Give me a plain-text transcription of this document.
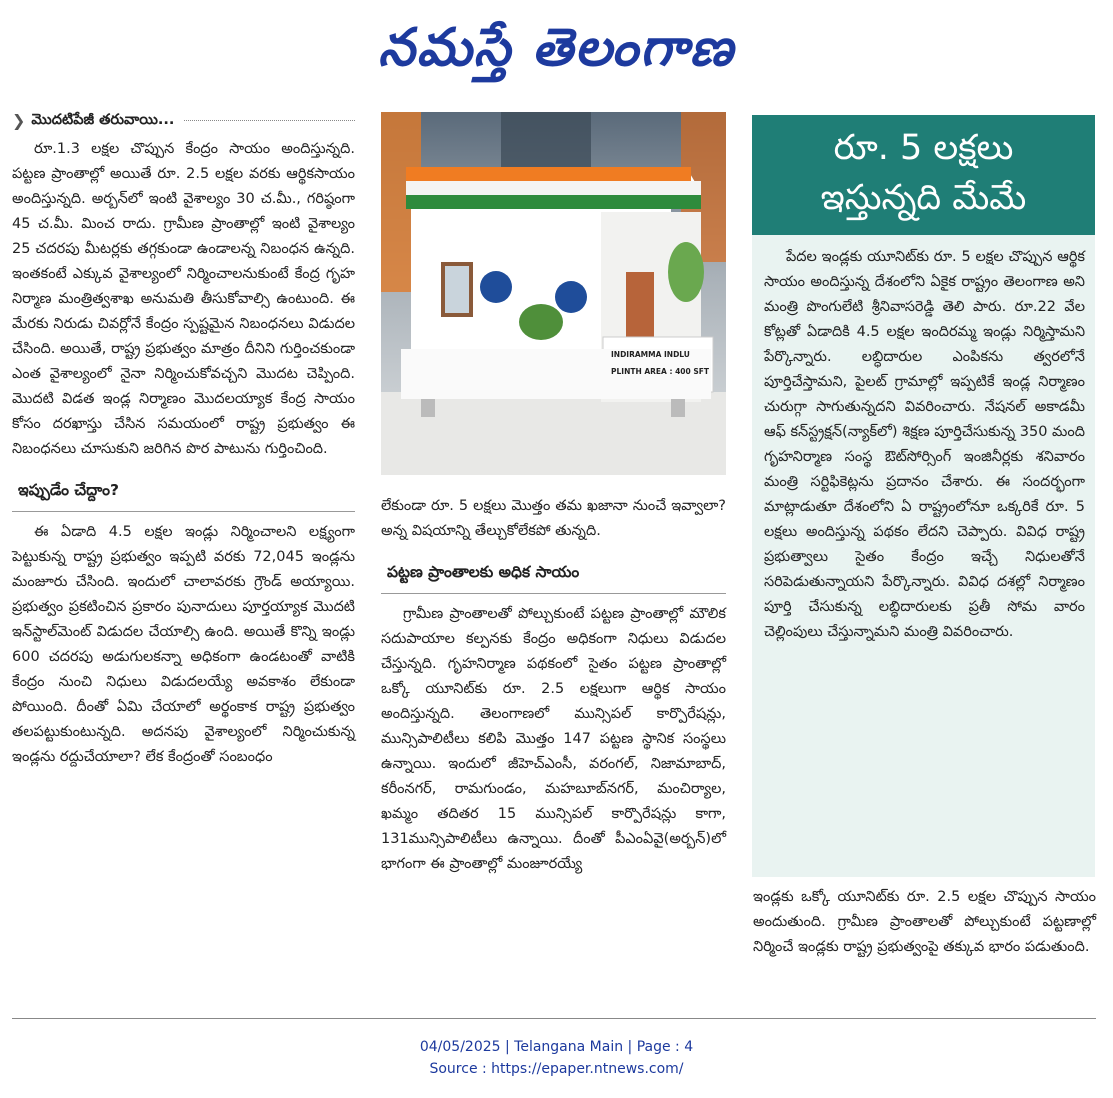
నమస్తే తెలంగాణ
❯ మొదటిపేజీ తరువాయి...

రూ.1.3 లక్షల చొప్పున కేంద్రం సాయం అందిస్తున్నది. పట్టణ ప్రాంతాల్లో అయితే రూ. 2.5 లక్షల వరకు ఆర్థికసాయం అందిస్తున్నది. అర్బన్‌లో ఇంటి వైశాల్యం 30 చ.మీ., గరిష్ఠంగా 45 చ.మీ. మించ రాదు. గ్రామీణ ప్రాంతాల్లో ఇంటి వైశాల్యం 25 చదరపు మీటర్లకు తగ్గకుండా ఉండాలన్న నిబంధన ఉన్నది. ఇంతకంటే ఎక్కువ వైశాల్యంలో నిర్మించాలనుకుంటే కేంద్ర గృహ నిర్మాణ మంత్రిత్వశాఖ అనుమతి తీసుకోవాల్సి ఉంటుంది. ఈ మేరకు నిరుడు చివర్లోనే కేంద్రం స్పష్టమైన నిబంధనలు విడుదల చేసింది. అయితే, రాష్ట్ర ప్రభుత్వం మాత్రం దీనిని గుర్తించకుండా ఎంత వైశాల్యంలో నైనా నిర్మించుకోవచ్చని మొదట చెప్పింది. మొదటి విడత ఇండ్ల నిర్మాణం మొదలయ్యాక కేంద్ర సాయం కోసం దరఖాస్తు చేసిన సమయంలో రాష్ట్ర ప్రభుత్వం ఈ నిబంధనలు చూసుకుని జరిగిన పొర పాటును గుర్తించింది.

ఇప్పుడేం చేద్దాం?

ఈ ఏడాది 4.5 లక్షల ఇండ్లు నిర్మించాలని లక్ష్యంగా పెట్టుకున్న రాష్ట్ర ప్రభుత్వం ఇప్పటి వరకు 72,045 ఇండ్లను మంజూరు చేసింది. ఇందులో చాలావరకు గ్రౌండ్ అయ్యాయి. ప్రభుత్వం ప్రకటించిన ప్రకారం పునాదులు పూర్తయ్యాక మొదటి ఇన్‌స్టాల్‌మెంట్ విడుదల చేయాల్సి ఉంది. అయితే కొన్ని ఇండ్లు 600 చదరపు అడుగులకన్నా అధికంగా ఉండటంతో వాటికి కేంద్రం నుంచి నిధులు విడుదలయ్యే అవకాశం లేకుండా పోయింది. దీంతో ఏమి చేయాలో అర్థంకాక రాష్ట్ర ప్రభుత్వం తలపట్టుకుంటున్నది. అదనపు వైశాల్యంలో నిర్మించుకున్న ఇండ్లను రద్దుచేయాలా? లేక కేంద్రంతో సంబంధం

INDIRAMMA INDLU
PLINTH AREA : 400 SFT

లేకుండా రూ. 5 లక్షలు మొత్తం తమ ఖజానా నుంచే ఇవ్వాలా? అన్న విషయాన్ని తేల్చుకోలేకపో తున్నది.

పట్టణ ప్రాంతాలకు అధిక సాయం

గ్రామీణ ప్రాంతాలతో పోల్చుకుంటే పట్టణ ప్రాంతాల్లో మౌలిక సదుపాయాల కల్పనకు కేంద్రం అధికంగా నిధులు విడుదల చేస్తున్నది. గృహనిర్మాణ పథకంలో సైతం పట్టణ ప్రాంతాల్లో ఒక్కో యూనిట్‌కు రూ. 2.5 లక్షలుగా ఆర్థిక సాయం అందిస్తున్నది. తెలంగాణలో మున్సిపల్ కార్పొరేషన్లు, మున్సిపాలిటీలు కలిపి మొత్తం 147 పట్టణ స్థానిక సంస్థలు ఉన్నాయి. ఇందులో జీహెచ్‌ఎంసీ, వరంగల్, నిజామాబాద్, కరీంనగర్, రామగుండం, మహబూబ్‌నగర్, మంచిర్యాల, ఖమ్మం తదితర 15 మున్సిపల్ కార్పొరేషన్లు కాగా, 131మున్సిపాలిటీలు ఉన్నాయి. దీంతో పీఎంఏవై(అర్బన్)లో భాగంగా ఈ ప్రాంతాల్లో మంజూరయ్యే

రూ. 5 లక్షలు
ఇస్తున్నది మేమే

పేదల ఇండ్లకు యూనిట్‌కు రూ. 5 లక్షల చొప్పున ఆర్థిక సాయం అందిస్తున్న దేశంలోని ఏకైక రాష్ట్రం తెలంగాణ అని మంత్రి పొంగులేటి శ్రీనివాసరెడ్డి తెలి పారు. రూ.22 వేల కోట్లతో ఏడాదికి 4.5 లక్షల ఇందిరమ్మ ఇండ్లు నిర్మిస్తామని పేర్కొన్నారు. లబ్ధిదారుల ఎంపికను త్వరలోనే పూర్తిచేస్తామని, పైలట్ గ్రామాల్లో ఇప్పటికే ఇండ్ల నిర్మాణం చురుగ్గా సాగుతున్నదని వివరించారు. నేషనల్ అకాడమీ ఆఫ్ కన్‌స్ట్రక్షన్(న్యాక్‌లో) శిక్షణ పూర్తిచేసుకున్న 350 మంది గృహనిర్మాణ సంస్థ ఔట్‌సోర్సింగ్ ఇంజినీర్లకు శనివారం మంత్రి సర్టిఫికెట్లను ప్రదానం చేశారు. ఈ సందర్భంగా మాట్లాడుతూ దేశంలోని ఏ రాష్ట్రంలోనూ ఒక్కరికే రూ. 5 లక్షలు అందిస్తున్న పథకం లేదని చెప్పారు. వివిధ రాష్ట్ర ప్రభుత్వాలు సైతం కేంద్రం ఇచ్చే నిధులతోనే సరిపెడుతున్నాయని పేర్కొన్నారు. వివిధ దశల్లో నిర్మాణం పూర్తి చేసుకున్న లబ్ధిదారులకు ప్రతీ సోమ వారం చెల్లింపులు చేస్తున్నామని మంత్రి వివరించారు.

ఇండ్లకు ఒక్కో యూనిట్‌కు రూ. 2.5 లక్షల చొప్పున సాయం అందుతుంది. గ్రామీణ ప్రాంతాలతో పోల్చుకుంటే పట్టణాల్లో నిర్మించే ఇండ్లకు రాష్ట్ర ప్రభుత్వంపై తక్కువ భారం పడుతుంది.

04/05/2025 | Telangana Main | Page : 4
Source : https://epaper.ntnews.com/
